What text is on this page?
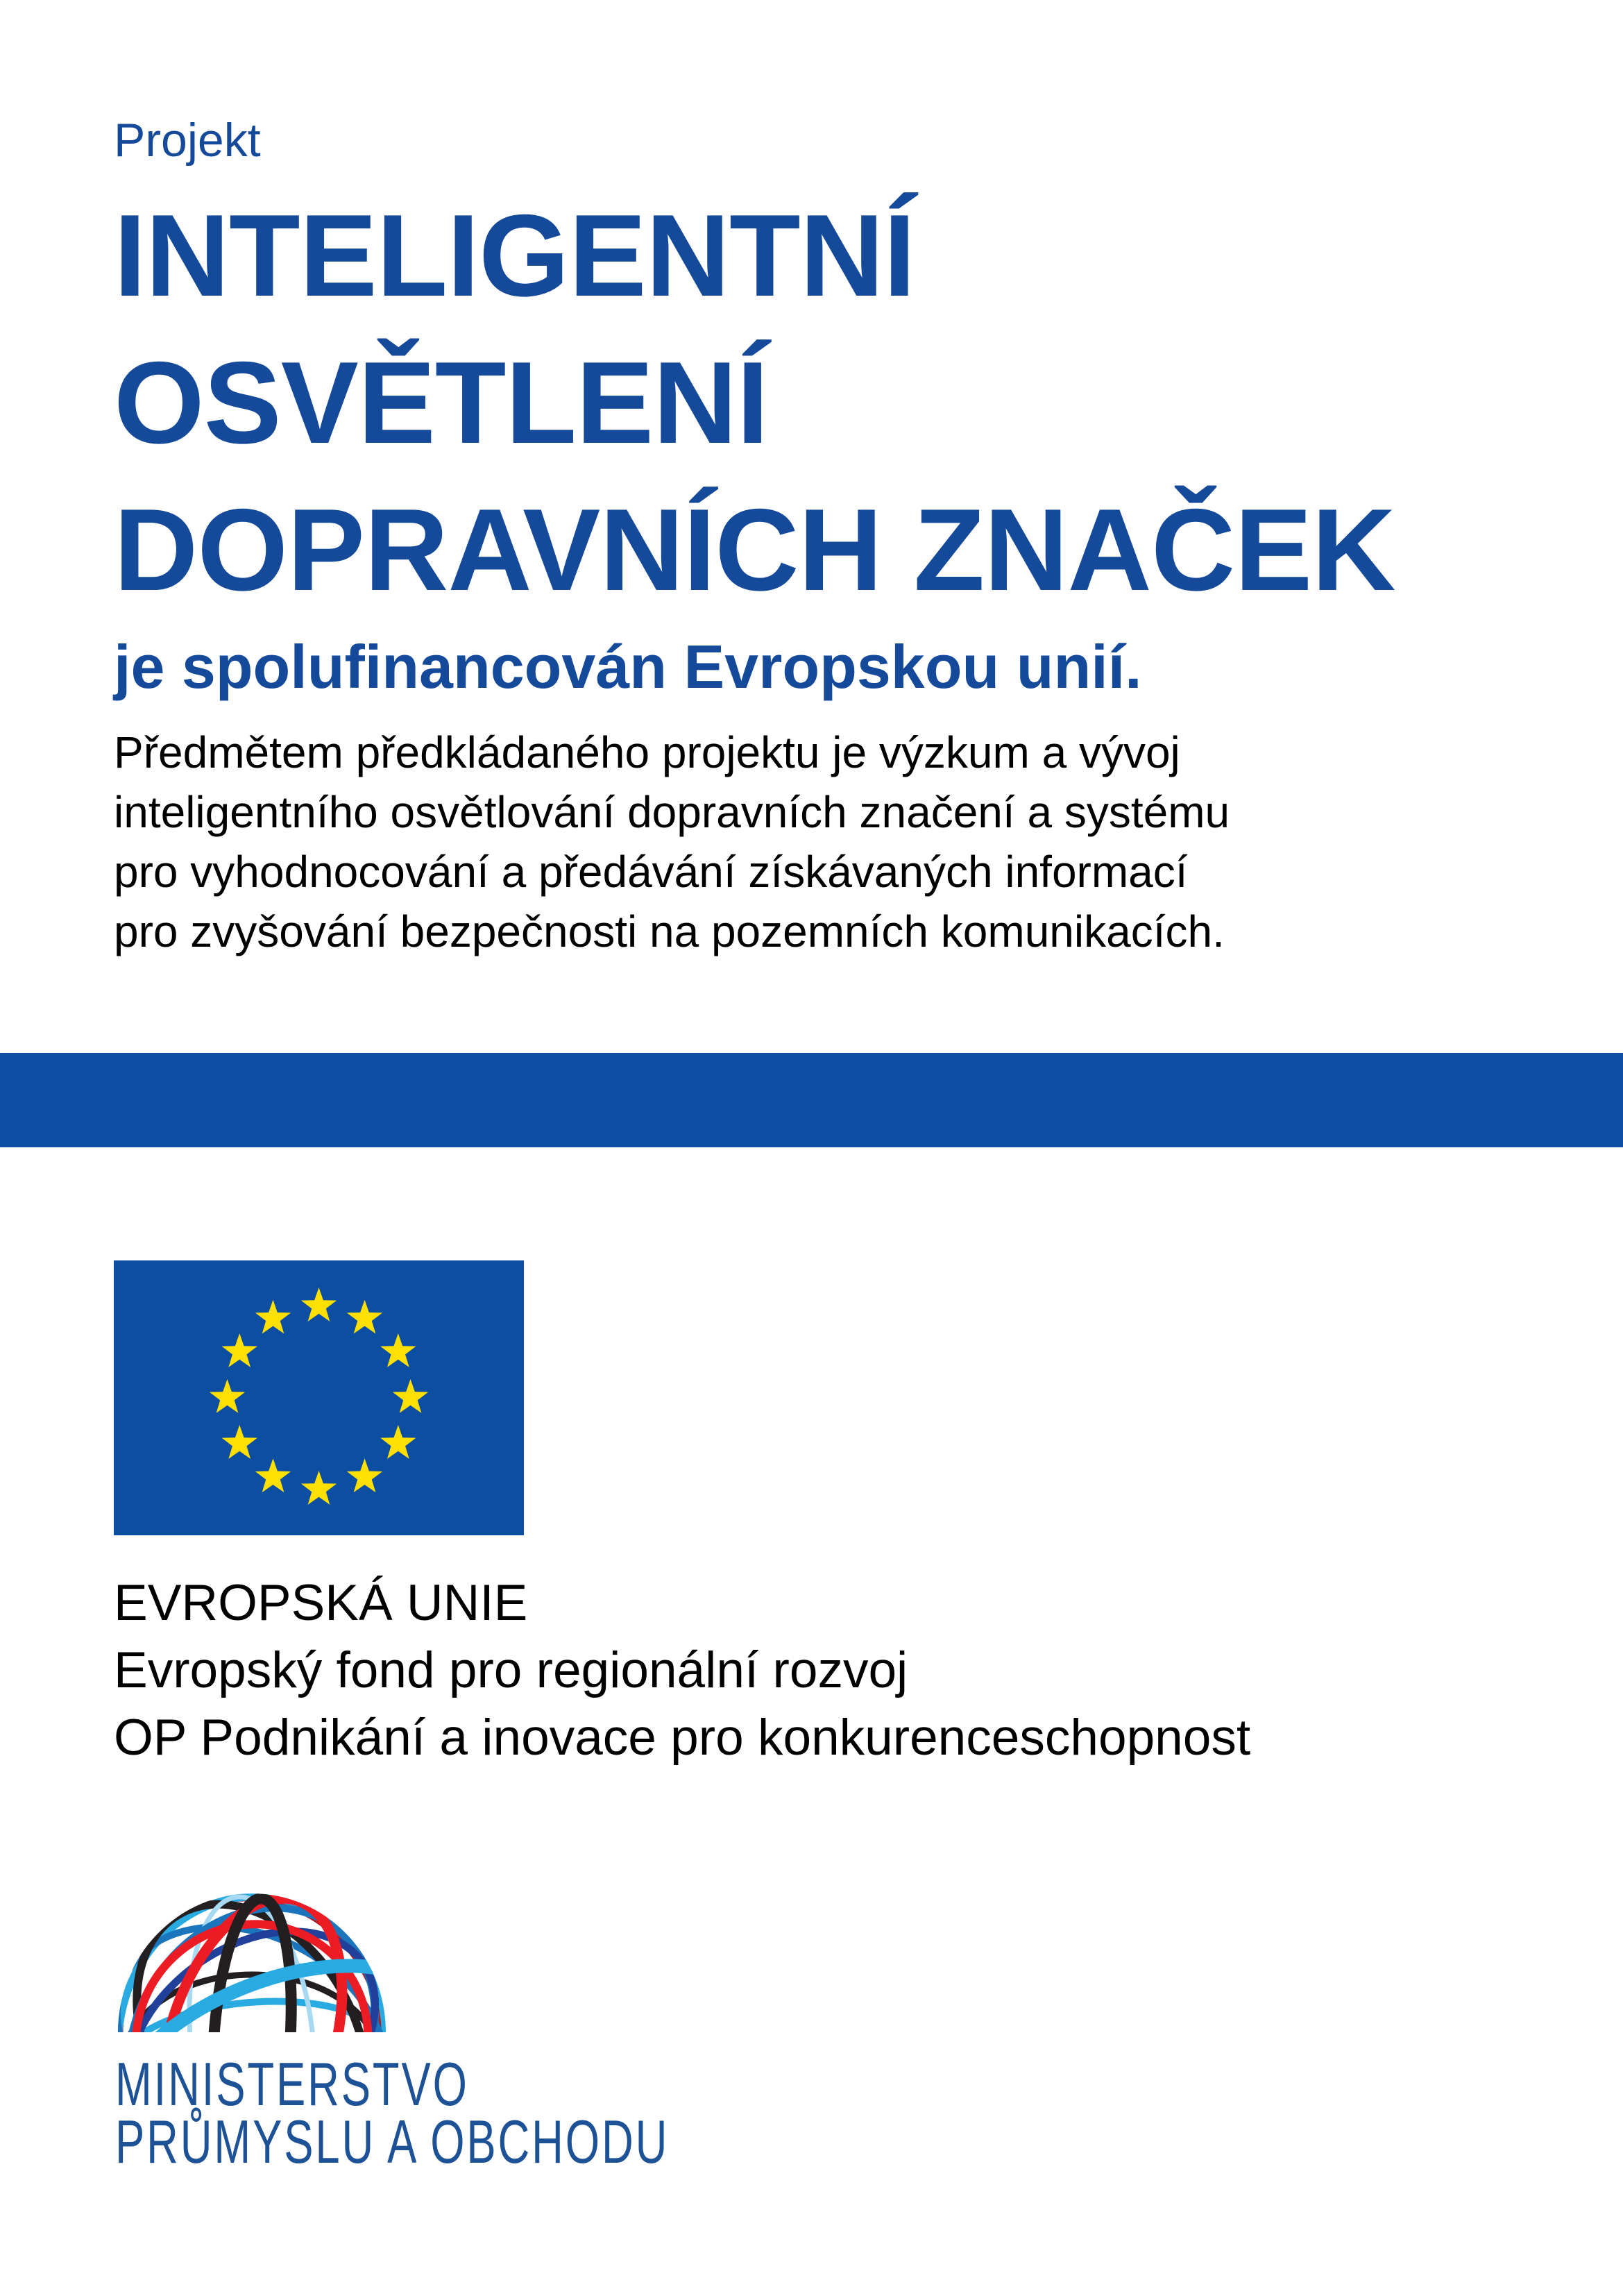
Projekt
INTELIGENTNÍ
OSVĚTLENÍ
DOPRAVNÍCH ZNAČEK
je spolufinancován Evropskou unií.
Předmětem předkládaného projektu je výzkum a vývoj
inteligentního osvětlování dopravních značení a systému
pro vyhodnocování a předávání získávaných informací
pro zvyšování bezpečnosti na pozemních komunikacích.
EVROPSKÁ UNIE
Evropský fond pro regionální rozvoj
OP Podnikání a inovace pro konkurenceschopnost
MINISTERSTVO
PRŮMYSLU A OBCHODU
